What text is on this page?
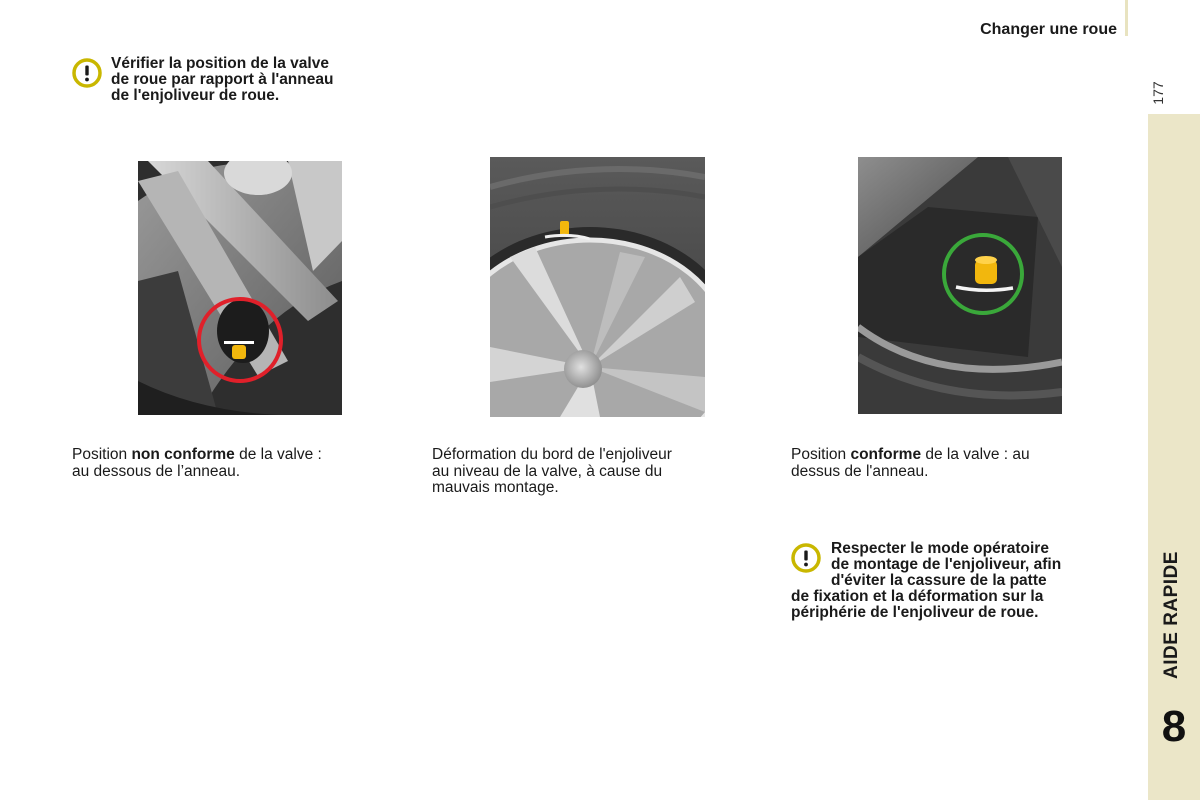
Changer une roue
177
AIDE RAPIDE
8
Vérifier la position de la valve
de roue par rapport à l'anneau
de l'enjoliveur de roue.
Position non conforme de la valve :
au dessous de l’anneau.
Déformation du bord de l'enjoliveur
au niveau de la valve, à cause du
mauvais montage.
Position conforme de la valve : au
dessus de l'anneau.
Respecter le mode opératoire
de montage de l'enjoliveur, afin
d'éviter la cassure de la patte
de fixation et la déformation sur la
périphérie de l'enjoliveur de roue.
